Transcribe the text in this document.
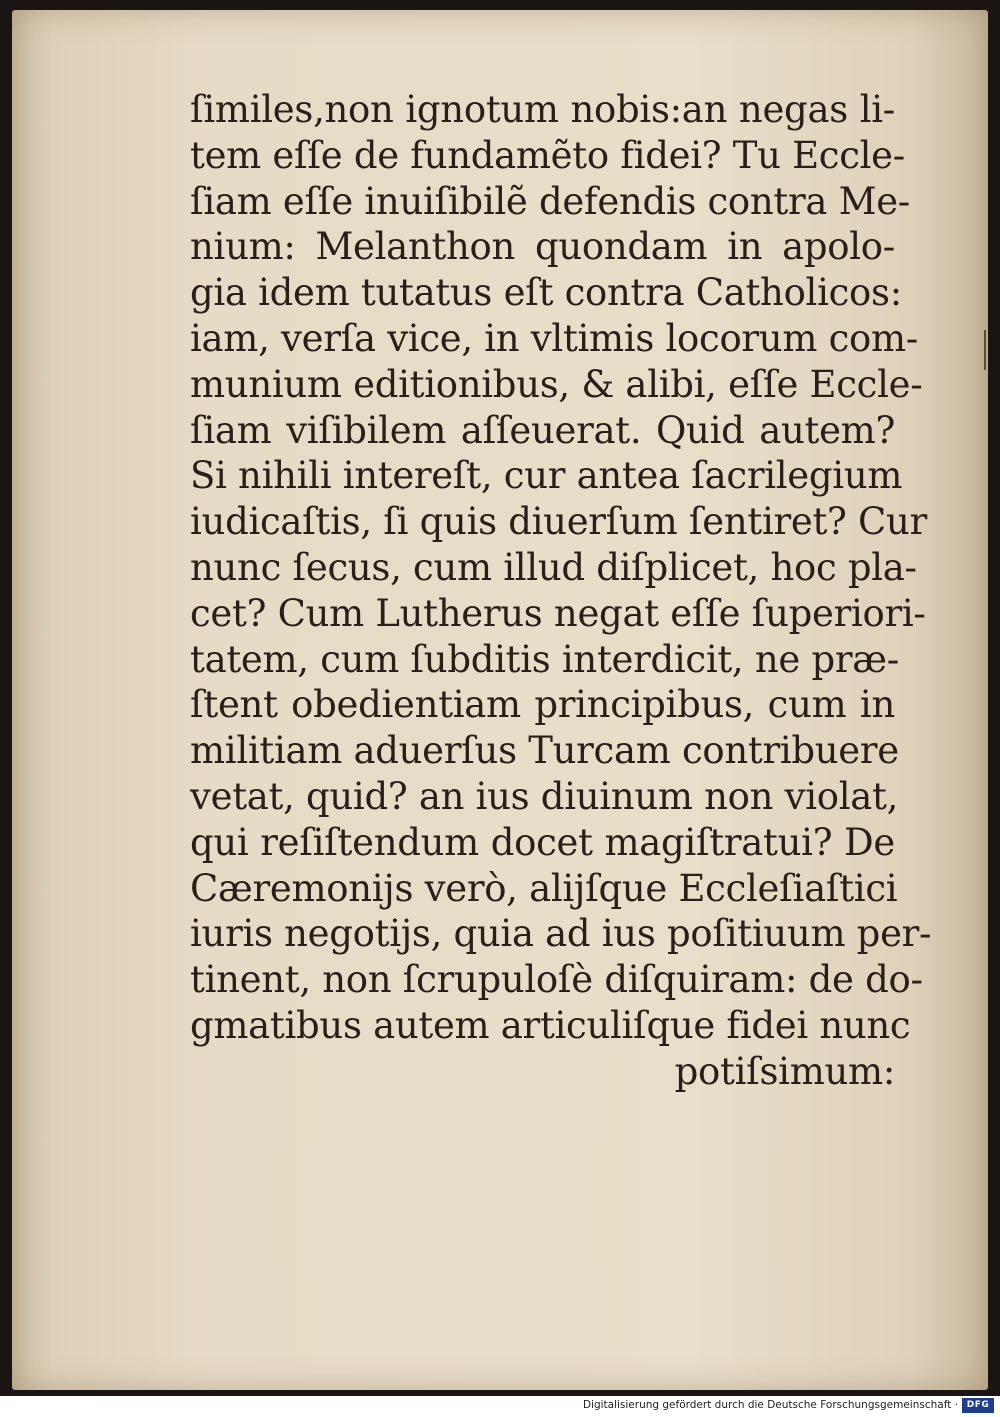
ſimiles,non ignotum nobis:an negas li-
tem eſſe de fundamẽto fidei? Tu Eccle-
ſiam eſſe inuiſibilẽ defendis contra Me-
nium: Melanthon quondam in apolo-
gia idem tutatus eſt contra Catholicos:
iam, verſa vice, in vltimis locorum com-
munium editionibus, & alibi, eſſe Eccle-
ſiam viſibilem aſſeuerat. Quid autem?
Si nihili intereſt, cur antea ſacrilegium
iudicaſtis, ſi quis diuerſum ſentiret? Cur
nunc ſecus, cum illud diſplicet, hoc pla-
cet? Cum Lutherus negat eſſe ſuperiori-
tatem, cum ſubditis interdicit, ne præ-
ſtent obedientiam principibus, cum in
militiam aduerſus Turcam contribuere
vetat, quid? an ius diuinum non violat,
qui reſiſtendum docet magiſtratui? De
Cæremonijs verò, alijſque Eccleſiaſtici
iuris negotijs, quia ad ius poſitiuum per-
tinent, non ſcrupuloſè diſquiram: de do-
gmatibus autem articuliſque fidei nunc
potiſsimum:
Digitalisierung gefördert durch die Deutsche Forschungsgemeinschaft · DFG
